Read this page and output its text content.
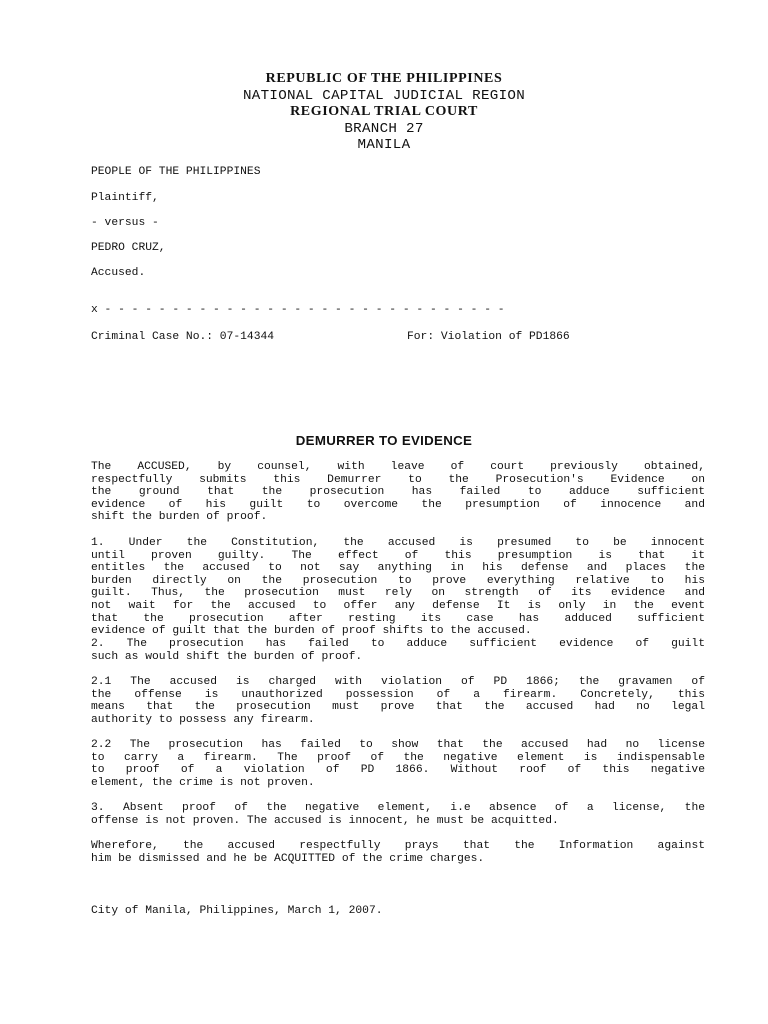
REPUBLIC OF THE PHILIPPINES
NATIONAL CAPITAL JUDICIAL REGION
REGIONAL TRIAL COURT
BRANCH 27
MANILA
PEOPLE OF THE PHILIPPINES
Plaintiff,
- versus -
PEDRO CRUZ,
Accused.
x - - - - - - - - - - - - - - - - - - - - - - - - - - - - - -
Criminal Case No.: 07-14344	For: Violation of PD1866
DEMURRER TO EVIDENCE
The ACCUSED, by counsel, with leave of court previously obtained,
respectfully submits this Demurrer to the Prosecution's Evidence on
the ground that the prosecution has failed to adduce sufficient
evidence of his guilt to overcome the presumption of innocence and
shift the burden of proof.
1. Under the Constitution, the accused is presumed to be innocent
until proven guilty. The effect of this presumption is that it
entitles the accused to not say anything in his defense and places the
burden directly on the prosecution to prove everything relative to his
guilt. Thus, the prosecution must rely on strength of its evidence and
not wait for the accused to offer any defense It is only in the event
that the prosecution after resting its case has adduced sufficient
evidence of guilt that the burden of proof shifts to the accused.
2. The prosecution has failed to adduce sufficient evidence of guilt
such as would shift the burden of proof.
2.1 The accused is charged with violation of PD 1866; the gravamen of
the offense is unauthorized possession of a firearm. Concretely, this
means that the prosecution must prove that the accused had no legal
authority to possess any firearm.
2.2 The prosecution has failed to show that the accused had no license
to carry a firearm. The proof of the negative element is indispensable
to proof of a violation of PD 1866. Without roof of this negative
element, the crime is not proven.
3. Absent proof of the negative element, i.e absence of a license, the
offense is not proven. The accused is innocent, he must be acquitted.
Wherefore, the accused respectfully prays that the Information against
him be dismissed and he be ACQUITTED of the crime charges.
City of Manila, Philippines, March 1, 2007.
